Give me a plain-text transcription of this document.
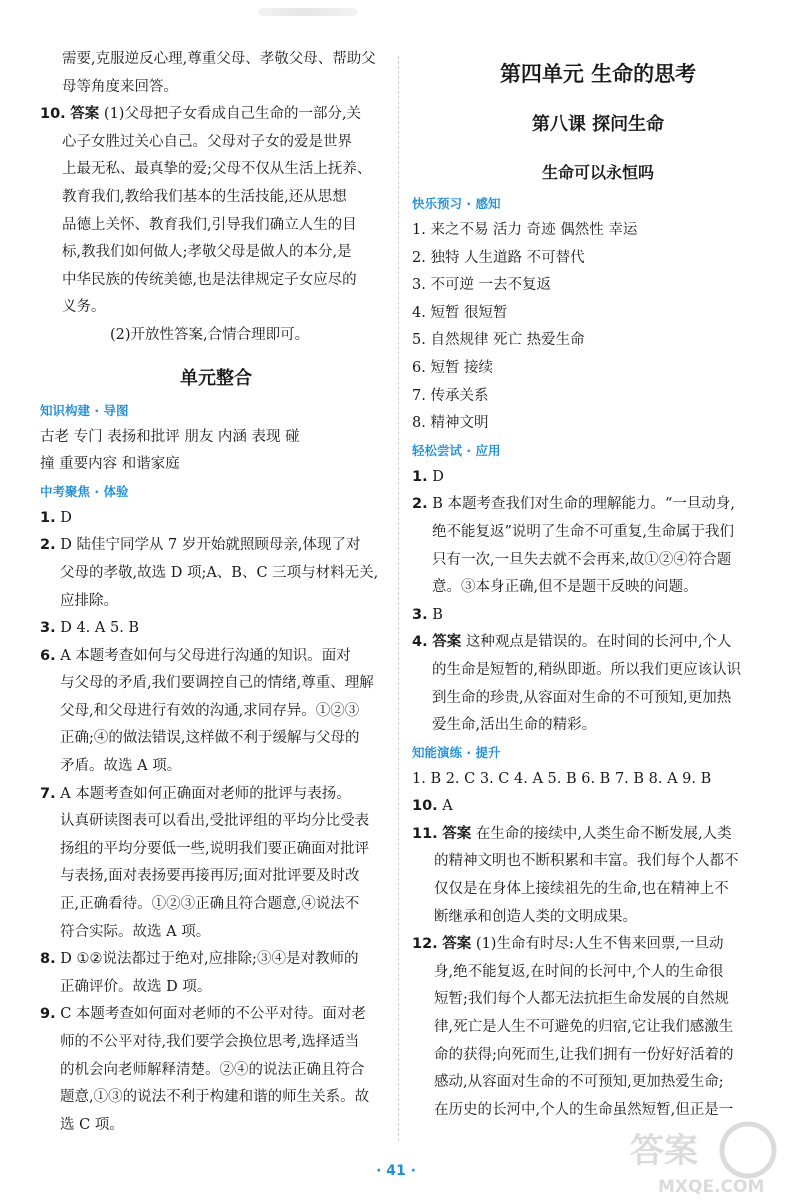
需要,克服逆反心理,尊重父母、孝敬父母、帮助父
母等角度来回答。
10. 答案 (1)父母把子女看成自己生命的一部分,关
心子女胜过关心自己。父母对子女的爱是世界
上最无私、最真挚的爱;父母不仅从生活上抚养、
教育我们,教给我们基本的生活技能,还从思想
品德上关怀、教育我们,引导我们确立人生的目
标,教我们如何做人;孝敬父母是做人的本分,是
中华民族的传统美德,也是法律规定子女应尽的
义务。
(2)开放性答案,合情合理即可。
单元整合
知识构建 · 导图
古老 专门 表扬和批评 朋友 内涵 表现 碰
撞 重要内容 和谐家庭
中考聚焦 · 体验
1. D
2. D 陆佳宁同学从 7 岁开始就照顾母亲,体现了对
父母的孝敬,故选 D 项;A、B、C 三项与材料无关,
应排除。
3. D 4. A 5. B
6. A 本题考查如何与父母进行沟通的知识。面对
与父母的矛盾,我们要调控自己的情绪,尊重、理解
父母,和父母进行有效的沟通,求同存异。①②③
正确;④的做法错误,这样做不利于缓解与父母的
矛盾。故选 A 项。
7. A 本题考查如何正确面对老师的批评与表扬。
认真研读图表可以看出,受批评组的平均分比受表
扬组的平均分要低一些,说明我们要正确面对批评
与表扬,面对表扬要再接再厉;面对批评要及时改
正,正确看待。①②③正确且符合题意,④说法不
符合实际。故选 A 项。
8. D ①②说法都过于绝对,应排除;③④是对教师的
正确评价。故选 D 项。
9. C 本题考查如何面对老师的不公平对待。面对老
师的不公平对待,我们要学会换位思考,选择适当
的机会向老师解释清楚。②④的说法正确且符合
题意,①③的说法不利于构建和谐的师生关系。故
选 C 项。
第四单元 生命的思考
第八课 探问生命
生命可以永恒吗
快乐预习 · 感知
1. 来之不易 活力 奇迹 偶然性 幸运
2. 独特 人生道路 不可替代
3. 不可逆 一去不复返
4. 短暂 很短暂
5. 自然规律 死亡 热爱生命
6. 短暂 接续
7. 传承关系
8. 精神文明
轻松尝试 · 应用
1. D
2. B 本题考查我们对生命的理解能力。“一旦动身,
绝不能复返”说明了生命不可重复,生命属于我们
只有一次,一旦失去就不会再来,故①②④符合题
意。③本身正确,但不是题干反映的问题。
3. B
4. 答案 这种观点是错误的。在时间的长河中,个人
的生命是短暂的,稍纵即逝。所以我们更应该认识
到生命的珍贵,从容面对生命的不可预知,更加热
爱生命,活出生命的精彩。
知能演练 · 提升
1. B 2. C 3. C 4. A 5. B 6. B 7. B 8. A 9. B
10. A
11. 答案 在生命的接续中,人类生命不断发展,人类
的精神文明也不断积累和丰富。我们每个人都不
仅仅是在身体上接续祖先的生命,也在精神上不
断继承和创造人类的文明成果。
12. 答案 (1)生命有时尽:人生不售来回票,一旦动
身,绝不能复返,在时间的长河中,个人的生命很
短暂;我们每个人都无法抗拒生命发展的自然规
律,死亡是人生不可避免的归宿,它让我们感激生
命的获得;向死而生,让我们拥有一份好好活着的
感动,从容面对生命的不可预知,更加热爱生命;
在历史的长河中,个人的生命虽然短暂,但正是一
· 41 ·	答案
MXQE.COM
